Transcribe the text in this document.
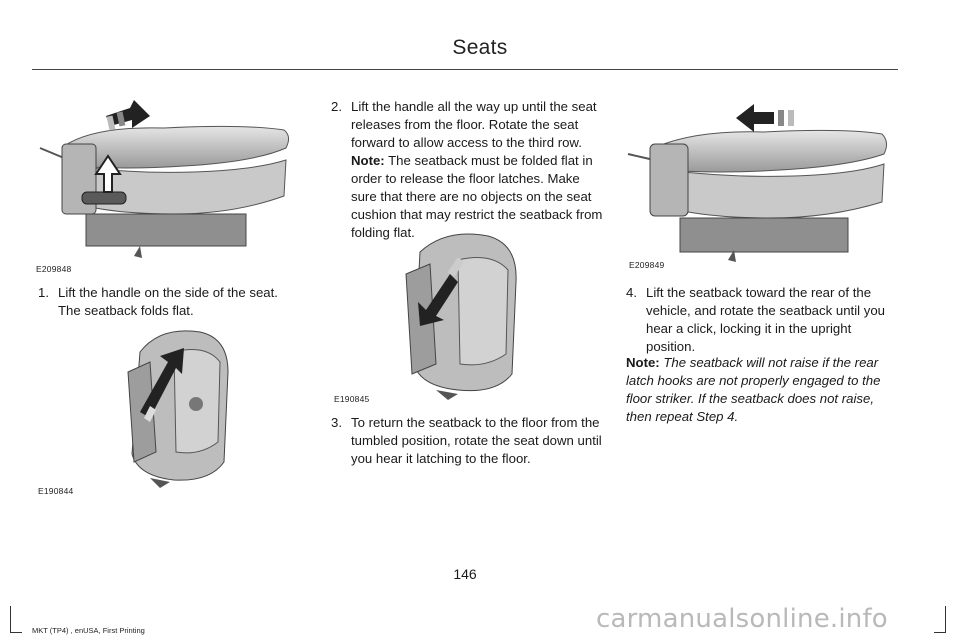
Seats
E209848
1. Lift the handle on the side of the seat. The seatback folds flat.
E190844
2. Lift the handle all the way up until the seat releases from the floor. Rotate the seat forward to allow access to the third row. Note: The seatback must be folded flat in order to release the floor latches. Make sure that there are no objects on the seat cushion that may restrict the seatback from folding flat.
E190845
3. To return the seatback to the floor from the tumbled position, rotate the seat down until you hear it latching to the floor.
E209849
4. Lift the seatback toward the rear of the vehicle, and rotate the seatback until you hear a click, locking it in the upright position.
Note: The seatback will not raise if the rear latch hooks are not properly engaged to the floor striker. If the seatback does not raise, then repeat Step 4.
146
MKT (TP4) , enUSA, First Printing	carmanualsonline.info
